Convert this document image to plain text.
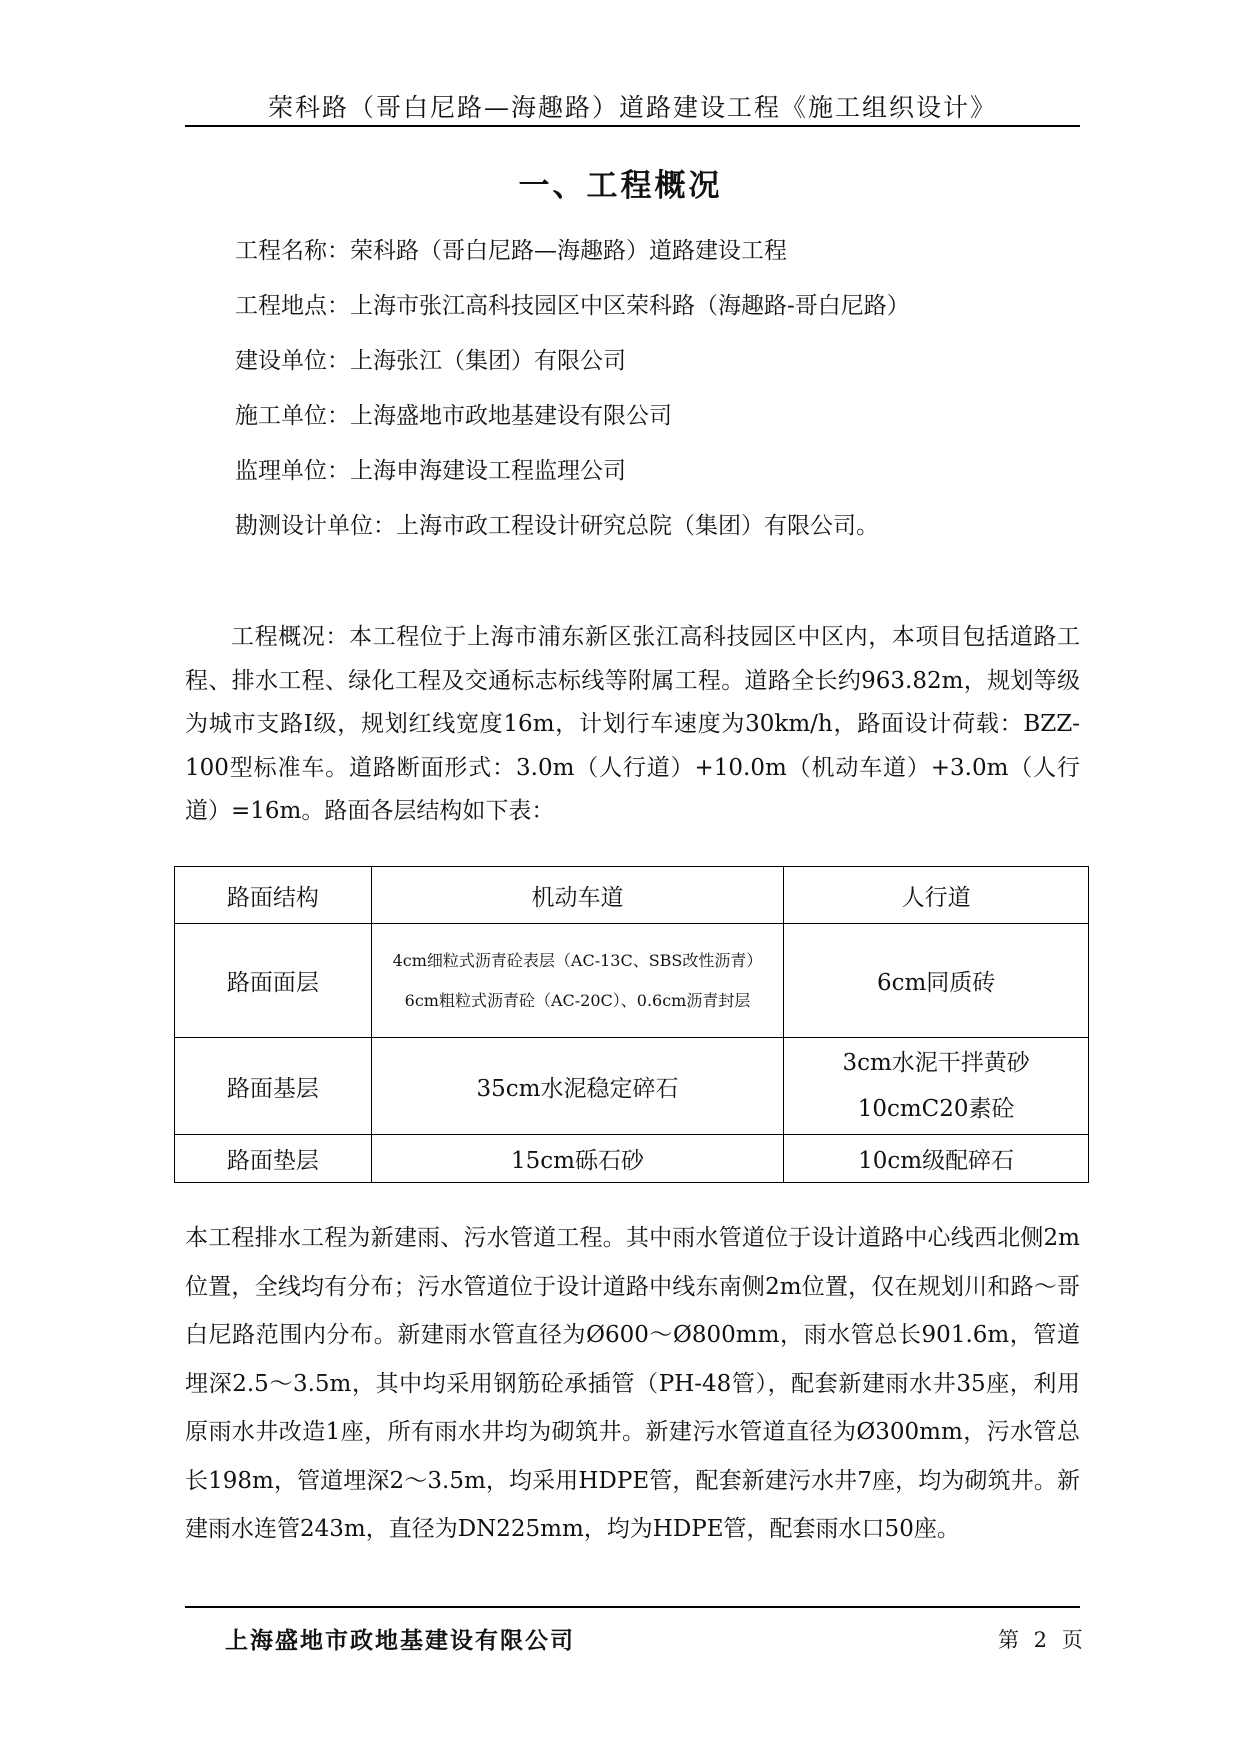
荣科路（哥白尼路—海趣路）道路建设工程《施工组织设计》
一、工程概况
工程名称：荣科路（哥白尼路—海趣路）道路建设工程
工程地点：上海市张江高科技园区中区荣科路（海趣路-哥白尼路）
建设单位：上海张江（集团）有限公司
施工单位：上海盛地市政地基建设有限公司
监理单位：上海申海建设工程监理公司
勘测设计单位：上海市政工程设计研究总院（集团）有限公司。

工程概况：本工程位于上海市浦东新区张江高科技园区中区内，本项目包括道路工程、排水工程、绿化工程及交通标志标线等附属工程。道路全长约963.82m，规划等级为城市支路Ⅰ级，规划红线宽度16m，计划行车速度为30km/h，路面设计荷载：BZZ-100型标准车。道路断面形式：3.0m（人行道）+10.0m（机动车道）+3.0m（人行道）=16m。路面各层结构如下表：

路面结构	机动车道	人行道
路面面层	4cm细粒式沥青砼表层（AC-13C、SBS改性沥青）
6cm粗粒式沥青砼（AC-20C）、0.6cm沥青封层	6cm同质砖
路面基层	35cm水泥稳定碎石	3cm水泥干拌黄砂
10cmC20素砼

路面垫层	15cm砾石砂	10cm级配碎石

本工程排水工程为新建雨、污水管道工程。其中雨水管道位于设计道路中心线西北侧2m位置，全线均有分布；污水管道位于设计道路中线东南侧2m位置，仅在规划川和路～哥白尼路范围内分布。新建雨水管直径为Ø600～Ø800mm，雨水管总长901.6m，管道埋深2.5～3.5m，其中均采用钢筋砼承插管（PH-48管），配套新建雨水井35座，利用原雨水井改造1座，所有雨水井均为砌筑井。新建污水管道直径为Ø300mm，污水管总长198m，管道埋深2～3.5m，均采用HDPE管，配套新建污水井7座，均为砌筑井。新建雨水连管243m，直径为DN225mm，均为HDPE管，配套雨水口50座。

上海盛地市政地基建设有限公司	第 2 页
